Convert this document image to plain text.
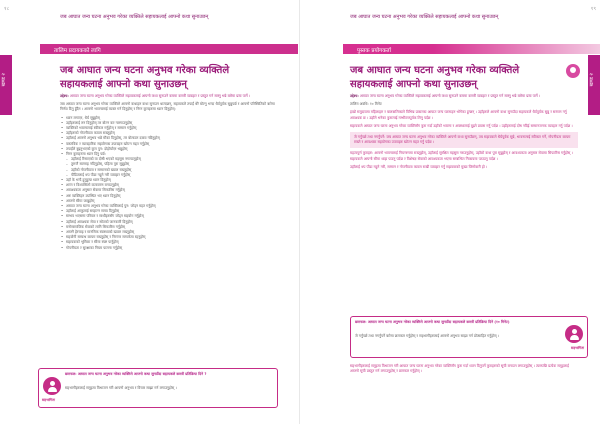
१८
जब आघात जन्य घटना अनुभव गरेका व्यक्तिले सहायकलाई आफ्नो कथा सुनाउछन्
खण्ड २
तालिम प्रदायकको लागि
जब आघात जन्य घटना अनुभव गरेका व्यक्तिले सहायकलाई आफ्नो कथा सुनाउछन्
उद्देश्य: आघात जन्य घटना अनुभव गरेका व्यक्तिले सहायकलाई आफ्नो कथा सुनाउने कममा कसरी व्यवहार र प्रस्तुत गर्न सक्नु भन्ने बारेमा प्रस्ट पार्ने ।
जब आघात जन्य घटना अनुभव गरेका व्यक्तिले आफ्नो कथाहरु कथा सुनाउन थाल्दछन्, सहायकले तपाईं धेरै बोल्नु भन्दा धैर्यपूर्वक सुन्नुपर्छ र आफ्नो परिस्थितिको बारेमा निर्णय दिनु हुँदैन । आफ्नो भावनालाई व्यक्त गर्न दिनुहोस् र निम्न कुराहरुमा ध्यान दिनुहोस्:
• ध्यान लगाएर, धैर्य सुन्नुहोस्
• उहाँहरुलाई रुन दिनुहोस् तर बोल्न कर नलगाउनुहोस्
• व्यक्तिको भावनालाई स्वीकार गर्नुहोस् र सम्मान गर्नुहोस्
• उहाँहरुको गोपनीयता कायम राख्नुहोस्
• उहाँलाई आफ्नो अनुभव भन्ने मौका दिनुहोस्, तर बोलाउन दबाव नदिनुहोस्
• वास्तविक र व्यावहारिक सहयोगका उपायहरु खोज्न मद्दत गर्नुहोस्
• तपाईंले बुझ्नुभएको कुरा पुन: दोहोर्याएर भन्नुहोस्
• निम्न कुराहरुमा ध्यान दिनु पर्छ:
– उहाँलाई रिसाएको वा दोषी भएको महसुस नगराउनुहोस्
– तुरुन्तै सल्लाह नदिनुहोस्, पहिला पूरा सुन्नुहोस्
– उहाँको गोपनीयता र सम्मानको ख्याल राख्नुहोस्
– पीडितलाई थप पीडा नहुने गरी व्यवहार गर्नुहोस्
• उहाँ के भन्दै हुनुहुन्छ ध्यान दिनुहोस्
• शान्त र विश्वासिलो वातावरण बनाउनुहोस्
• आवश्यकता अनुसार सेवामा सिफारिस गर्नुहोस्
• अरु व्यक्तिहरु उपस्थित भए ध्यान दिनुहोस्
• आफ्नो सीमा जान्नुहोस्
• आघात जन्य घटना अनुभव गरेका व्यक्तिलाई पुन: जोड्न मद्दत गर्नुहोस्
• उहाँलाई आफूलाई सम्हाल्न समय दिनुहोस्
• सम्भव भएसम्म परिवार र साथीहरुसँग जोड्न सहयोग गर्नुहोस्
• उहाँलाई आवश्यक सेवा र स्रोतको जानकारी दिनुहोस्
• मनोसामाजिक सेवाको लागि सिफारिस गर्नुहोस्
• आफ्नै हेरचाह र मानसिक स्वास्थ्यको ख्याल राख्नुहोस्
• सहयोगी सम्बन्ध कायम राख्नुहोस् र निरन्तर सम्पर्कमा रहनुहोस्
• सहायकको भूमिका र सीमा स्पष्ट पार्नुहोस्
• गोपनीयता र सुरक्षाका नियम पालना गर्नुहोस्
सहभागिता
छलफल: आघात जन्य घटना अनुभव गरेका व्यक्तिले आफ्नो कथा सुनाउँदा सहायकले कसरी प्रतिक्रिया दिने ?
सहभागीहरुलाई समूहमा विभाजन गरी आफ्नो अनुभव र विचार साझा गर्न लगाउनुहोस् ।
१९
जब आघात जन्य घटना अनुभव गरेका व्यक्तिले सहायकलाई आफ्नो कथा सुनाउछन्
खण्ड २
पुस्तक प्रयोगकर्ता
जब आघात जन्य घटना अनुभव गरेका व्यक्तिले सहायकलाई आफ्नो कथा सुनाउछन्
उद्देश्य: आघात जन्य घटना अनुभव गरेका व्यक्तिले सहायकलाई आफ्नो कथा सुनाउने कममा कसरी व्यवहार र प्रस्तुत गर्न सक्नु भन्ने बारेमा प्रस्ट पार्ने ।
तालिम अवधि: १० मिनेट
हाम्रो समुदायमा महिलाहरु र बालबालिकाले विभिन्न प्रकारका आघात जन्य घटनाहरु भोगेका हुन्छन् । उहाँहरुले आफ्नो कथा सुनाउँदा सहायकले धैर्यपूर्वक सुन्नु र सम्मान गर्नु आवश्यक छ । उहाँले भनेका कुरालाई गम्भीरतापूर्वक लिनु पर्दछ ।
सहायकले आघात जन्य घटना अनुभव गरेका व्यक्तिसँग कुरा गर्दा उहाँको भावना र अवस्थालाई बुझ्ने प्रयास गर्नु पर्दछ । उहाँहरुलाई दोष नदिई सम्मानजनक व्यवहार गर्नु पर्दछ ।
जे गर्नुपर्छ तथा नगर्नुपर्ने: जब आघात जन्य घटना अनुभव गरेका व्यक्तिले आफ्नो कथा सुनाउँछन्, तब सहायकले धैर्यपूर्वक सुन्ने, भावनालाई स्वीकार गर्ने, गोपनीयता कायम राख्ने र आवश्यक सहयोगका उपायहरु खोज्न मद्दत गर्नु पर्दछ ।
महत्वपूर्ण कुराहरु: आफ्नो भावनालाई नियन्त्रणमा राख्नुहोस्, उहाँलाई सुरक्षित महसुस गराउनुहोस्, उहाँको कथा पूरा सुन्नुहोस् र आवश्यकता अनुसार सेवामा सिफारिस गर्नुहोस् । सहायकले आफ्नो सीमा थाहा पाउनु पर्दछ र विशेषज्ञ सेवाको आवश्यकता भएमा सम्बन्धित निकायमा पठाउनु पर्दछ ।
उहाँलाई थप पीडा नहुने गरी, सम्मान र गोपनीयता कायम राखी व्यवहार गर्नु सहायकको मुख्य जिम्मेवारी हो ।
छलफल: आघात जन्य घटना अनुभव गरेका व्यक्तिले आफ्नो कथा सुनाउँदा सहायकले कसरी प्रतिक्रिया दिने (१० मिनेट)
जे गर्नुपर्छ तथा नगर्नुपर्ने बारेमा छलफल गर्नुहोस् र सहभागीहरुलाई आफ्नो अनुभव साझा गर्न प्रोत्साहित गर्नुहोस् ।
सहभागिता
सहभागीहरुलाई समूहमा विभाजन गरी आघात जन्य घटना अनुभव गरेका व्यक्तिसँग कुरा गर्दा ध्यान दिनुपर्ने कुराहरुको सूची बनाउन लगाउनुहोस् । त्यसपछि प्रत्येक समूहलाई आफ्नो सूची प्रस्तुत गर्न लगाउनुहोस् र छलफल गर्नुहोस् ।
